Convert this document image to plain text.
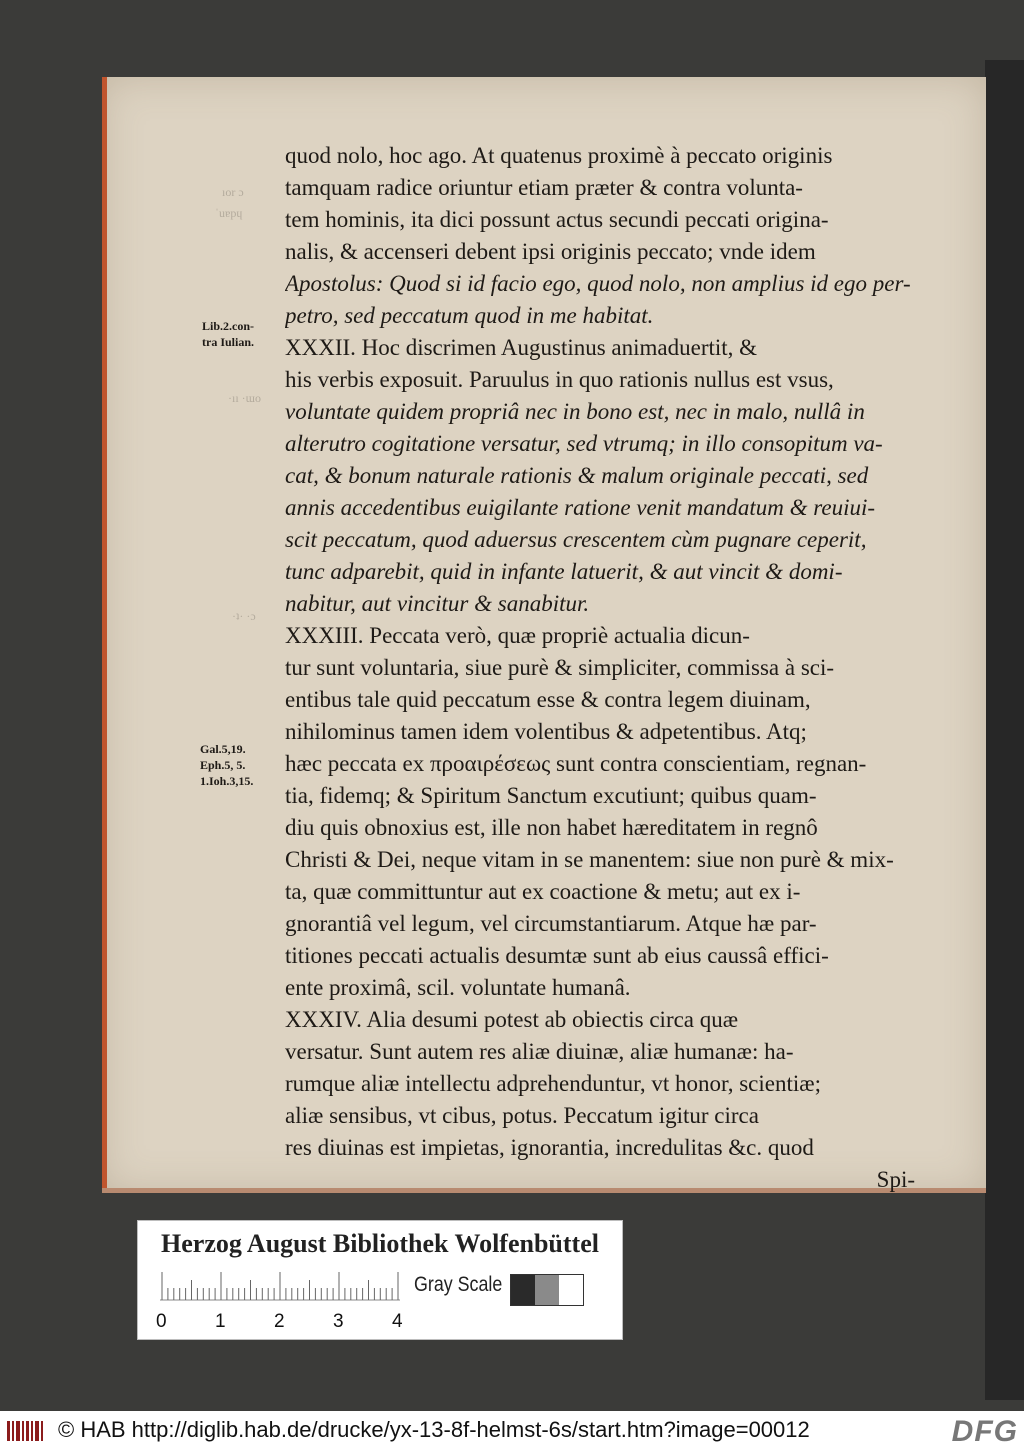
ıor ɔ
ˈuɐpɥ
·ıı ·ɯo
·ʇ· ·ɔ
Lib.2.con-
tra Iulian.
Gal.5,19.
Eph.5, 5.
1.Ioh.3,15.
quod nolo, hoc ago. At quatenus proximè à peccato originis
tamquam radice oriuntur etiam præter & contra volunta-
tem hominis, ita dici possunt actus secundi peccati origina-
nalis, & accenseri debent ipsi originis peccato; vnde idem
Apostolus: Quod si id facio ego, quod nolo, non amplius id ego per-
petro, sed peccatum quod in me habitat.
XXXII. Hoc discrimen Augustinus animaduertit, &
his verbis exposuit. Paruulus in quo rationis nullus est vsus,
voluntate quidem propriâ nec in bono est, nec in malo, nullâ in
alterutro cogitatione versatur, sed vtrumq; in illo consopitum va-
cat, & bonum naturale rationis & malum originale peccati, sed
annis accedentibus euigilante ratione venit mandatum & reuiui-
scit peccatum, quod aduersus crescentem cùm pugnare ceperit,
tunc adparebit, quid in infante latuerit, & aut vincit & domi-
nabitur, aut vincitur & sanabitur.
XXXIII. Peccata verò, quæ propriè actualia dicun-
tur sunt voluntaria, siue purè & simpliciter, commissa à sci-
entibus tale quid peccatum esse & contra legem diuinam,
nihilominus tamen idem volentibus & adpetentibus. Atq;
hæc peccata ex προαιρέσεως sunt contra conscientiam, regnan-
tia, fidemq; & Spiritum Sanctum excutiunt; quibus quam-
diu quis obnoxius est, ille non habet hæreditatem in regnô
Christi & Dei, neque vitam in se manentem: siue non purè & mix-
ta, quæ committuntur aut ex coactione & metu; aut ex i-
gnorantiâ vel legum, vel circumstantiarum. Atque hæ par-
titiones peccati actualis desumtæ sunt ab eius caussâ effici-
ente proximâ, scil. voluntate humanâ.
XXXIV. Alia desumi potest ab obiectis circa quæ
versatur. Sunt autem res aliæ diuinæ, aliæ humanæ: ha-
rumque aliæ intellectu adprehenduntur, vt honor, scientiæ;
aliæ sensibus, vt cibus, potus. Peccatum igitur circa
res diuinas est impietas, ignorantia, incredulitas &c. quod
Spi-
Herzog August Bibliothek Wolfenbüttel
0	1	2	3	4
Gray Scale
© HAB http://diglib.hab.de/drucke/yx-13-8f-helmst-6s/start.htm?image=00012	DFG
